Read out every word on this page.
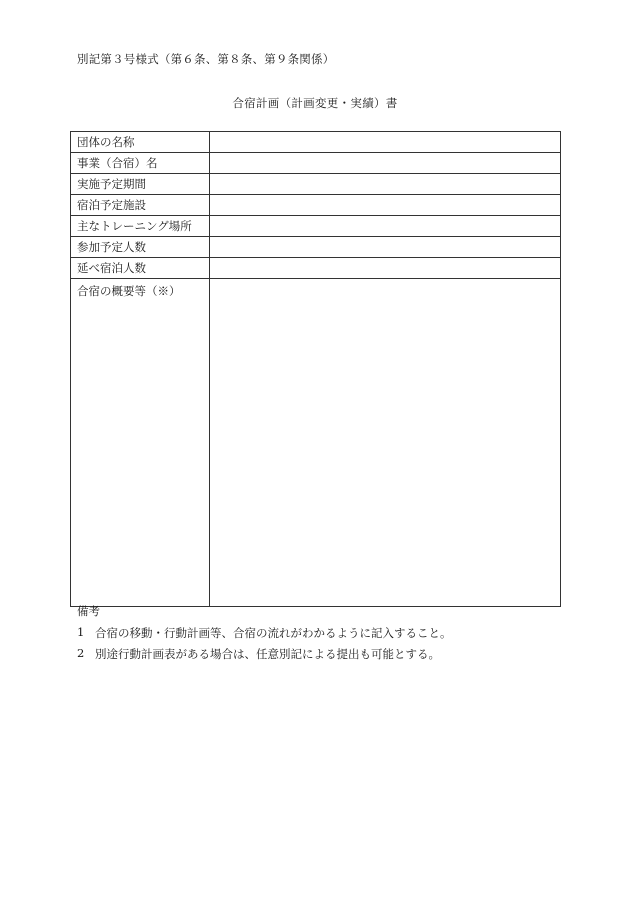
別記第３号様式（第６条、第８条、第９条関係）
合宿計画（計画変更・実績）書
団体の名称	
事業（合宿）名	
実施予定期間	
宿泊予定施設	
主なトレーニング場所	
参加予定人数	
延べ宿泊人数	
合宿の概要等（※）	
備考
1 合宿の移動・行動計画等、合宿の流れがわかるように記入すること。
2 別途行動計画表がある場合は、任意別記による提出も可能とする。
